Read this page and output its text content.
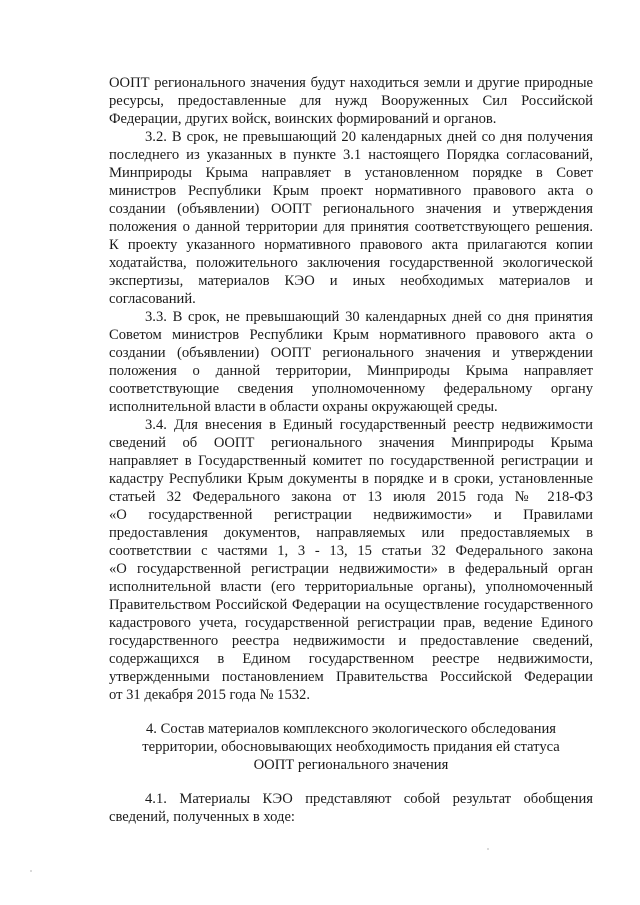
ООПТ регионального значения будут находиться земли и другие природные
ресурсы, предоставленные для нужд Вооруженных Сил Российской
Федерации, других войск, воинских формирований и органов.
3.2. В срок, не превышающий 20 календарных дней со дня получения
последнего из указанных в пункте 3.1 настоящего Порядка согласований,
Минприроды Крыма направляет в установленном порядке в Совет
министров Республики Крым проект нормативного правового акта о
создании (объявлении) ООПТ регионального значения и утверждения
положения о данной территории для принятия соответствующего решения.
К проекту указанного нормативного правового акта прилагаются копии
ходатайства, положительного заключения государственной экологической
экспертизы, материалов КЭО и иных необходимых материалов и
согласований.
3.3. В срок, не превышающий 30 календарных дней со дня принятия
Советом министров Республики Крым нормативного правового акта о
создании (объявлении) ООПТ регионального значения и утверждении
положения о данной территории, Минприроды Крыма направляет
соответствующие сведения уполномоченному федеральному органу
исполнительной власти в области охраны окружающей среды.
3.4. Для внесения в Единый государственный реестр недвижимости
сведений об ООПТ регионального значения Минприроды Крыма
направляет в Государственный комитет по государственной регистрации и
кадастру Республики Крым документы в порядке и в сроки, установленные
статьей 32 Федерального закона от 13 июля 2015 года № 218-ФЗ
«О государственной регистрации недвижимости» и Правилами
предоставления документов, направляемых или предоставляемых в
соответствии с частями 1, 3 - 13, 15 статьи 32 Федерального закона
«О государственной регистрации недвижимости» в федеральный орган
исполнительной власти (его территориальные органы), уполномоченный
Правительством Российской Федерации на осуществление государственного
кадастрового учета, государственной регистрации прав, ведение Единого
государственного реестра недвижимости и предоставление сведений,
содержащихся в Едином государственном реестре недвижимости,
утвержденными постановлением Правительства Российской Федерации
от 31 декабря 2015 года № 1532.
4. Состав материалов комплексного экологического обследования
территории, обосновывающих необходимость придания ей статуса
ООПТ регионального значения
4.1. Материалы КЭО представляют собой результат обобщения
сведений, полученных в ходе:
